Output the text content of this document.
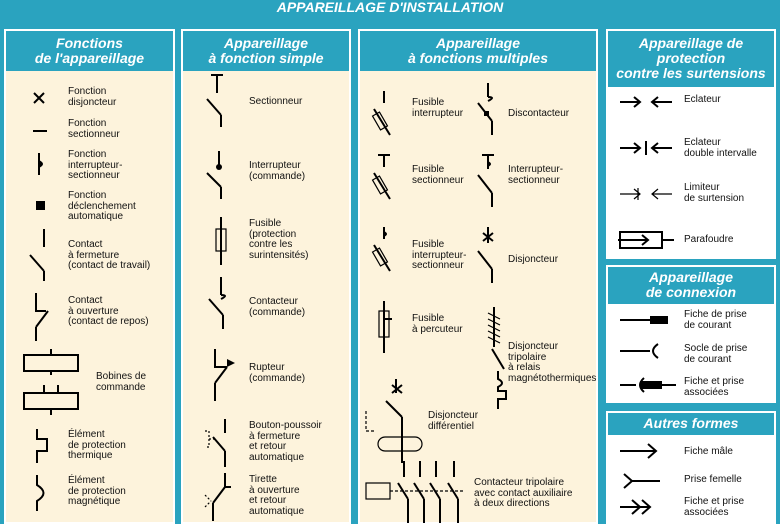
APPAREILLAGE D'INSTALLATION
Fonctions
de l'appareillage
Fonction
disjoncteur
Fonction
sectionneur
Fonction
interrupteur-
sectionneur
Fonction
déclenchement
automatique
Contact
à fermeture
(contact de travail)
Contact
à ouverture
(contact de repos)
Bobines de
commande
Élément
de protection
thermique
Élément
de protection
magnétique
Appareillage
à fonction simple
Sectionneur
Interrupteur
(commande)
Fusible
(protection
contre les
surintensités)
Contacteur
(commande)
Rupteur
(commande)
Bouton-poussoir
à fermeture
et retour
automatique
Tirette
à ouverture
et retour
automatique
Appareillage
à fonctions multiples
Fusible
interrupteur	Discontacteur
Fusible
sectionneur
Interrupteur-
sectionneur
Fusible
interrupteur-
sectionneur
Disjoncteur
Fusible
à percuteur
Disjoncteur
tripolaire
à relais
magnétothermiques
Disjoncteur
différentiel
Contacteur tripolaire
avec contact auxiliaire
à deux directions
Appareillage de
protection
contre les surtensions
Eclateur
Eclateur
double intervalle
Limiteur
de surtension
Parafoudre
Appareillage
de connexion
Fiche de prise
de courant
Socle de prise
de courant
Fiche et prise
associées
Autres formes
Fiche mâle
Prise femelle
Fiche et prise
associées
